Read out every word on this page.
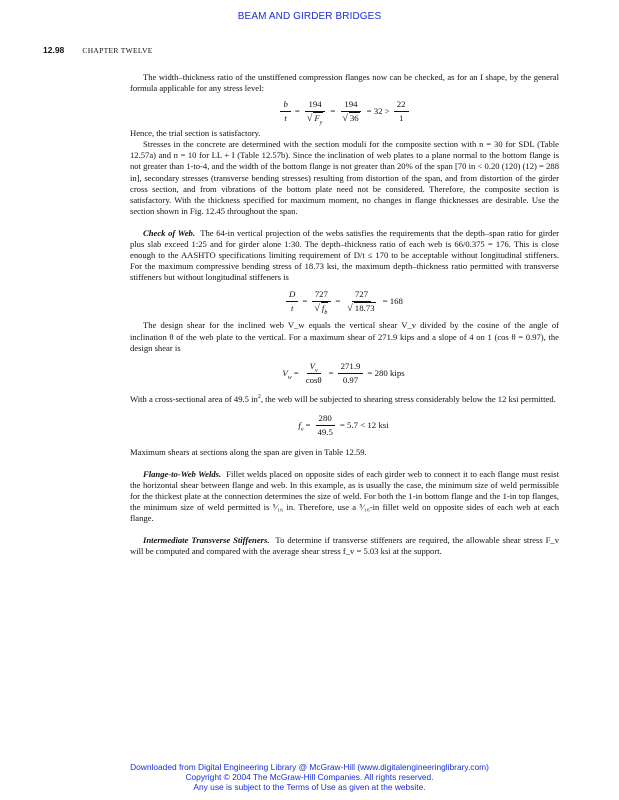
BEAM AND GIRDER BRIDGES
12.98 CHAPTER TWELVE

The width–thickness ratio of the unstiffened compression flanges now can be checked, as for an I shape, by the general formula applicable for any stress level:

$\frac{b}{t} = \frac{194}{√ F_y} = \frac{194}{√ 36} = 32 > \frac{22}{1}$

Hence, the trial section is satisfactory.

Stresses in the concrete are determined with the section moduli for the composite section with n = 30 for SDL (Table 12.57a) and n = 10 for LL + I (Table 12.57b). Since the inclination of web plates to a plane normal to the bottom flange is not greater than 1-to-4, and the width of the bottom flange is not greater than 20% of the span [70 in < 0.20 (120) (12) = 288 in], secondary stresses (transverse bending stresses) resulting from distortion of the span, and from distortion of the girder cross section, and from vibrations of the bottom plate need not be considered. Therefore, the composite section is satisfactory. With the thickness specified for maximum moment, no changes in flange thicknesses are desirable. Use the section shown in Fig. 12.45 throughout the span.

Check of Web. The 64-in vertical projection of the webs satisfies the requirements that the depth–span ratio for girder plus slab exceed 1:25 and for girder alone 1:30. The depth–thickness ratio of each web is 66/0.375 = 176. This is close enough to the AASHTO specifications limiting requirement of D/t ≤ 170 to be acceptable without longitudinal stiffeners. For the maximum compressive bending stress of 18.73 ksi, the maximum depth–thickness ratio permitted with transverse stiffeners but without longitudinal stiffeners is

$\frac{D}{t} = \frac{727}{√ f_b} = \frac{727}{√ 18.73} = 168$

The design shear for the inclined web V_w equals the vertical shear V_v divided by the cosine of the angle of inclination θ of the web plate to the vertical. For a maximum shear of 271.9 kips and a slope of 4 on 1 (cos θ = 0.97), the design shear is

$V_w = \frac{V_v}{\cos\theta} = \frac{271.9}{0.97} = 280$ kips

With a cross-sectional area of 49.5 $in^2$, the web will be subjected to shearing stress considerably below the 12 ksi permitted.

$f_v = \frac{280}{49.5} = 5.7 < 12$ ksi

Maximum shears at sections along the span are given in Table 12.59.

Flange-to-Web Welds. Fillet welds placed on opposite sides of each girder web to connect it to each flange must resist the horizontal shear between flange and web. In this example, as is usually the case, the minimum size of weld permissible for the thickest plate at the connection determines the size of weld. For both the 1-in bottom flange and the 1-in top flanges, the minimum size of weld permitted is ⁵⁄₁₆ in. Therefore, use a ⁵⁄₁₆-in fillet weld on opposite sides of each web at each flange.

Intermediate Transverse Stiffeners. To determine if transverse stiffeners are required, the allowable shear stress F_v will be computed and compared with the average shear stress f_v = 5.03 ksi at the support.

Downloaded from Digital Engineering Library @ McGraw-Hill (www.digitalengineeringlibrary.com)
Copyright © 2004 The McGraw-Hill Companies. All rights reserved.
Any use is subject to the Terms of Use as given at the website.
